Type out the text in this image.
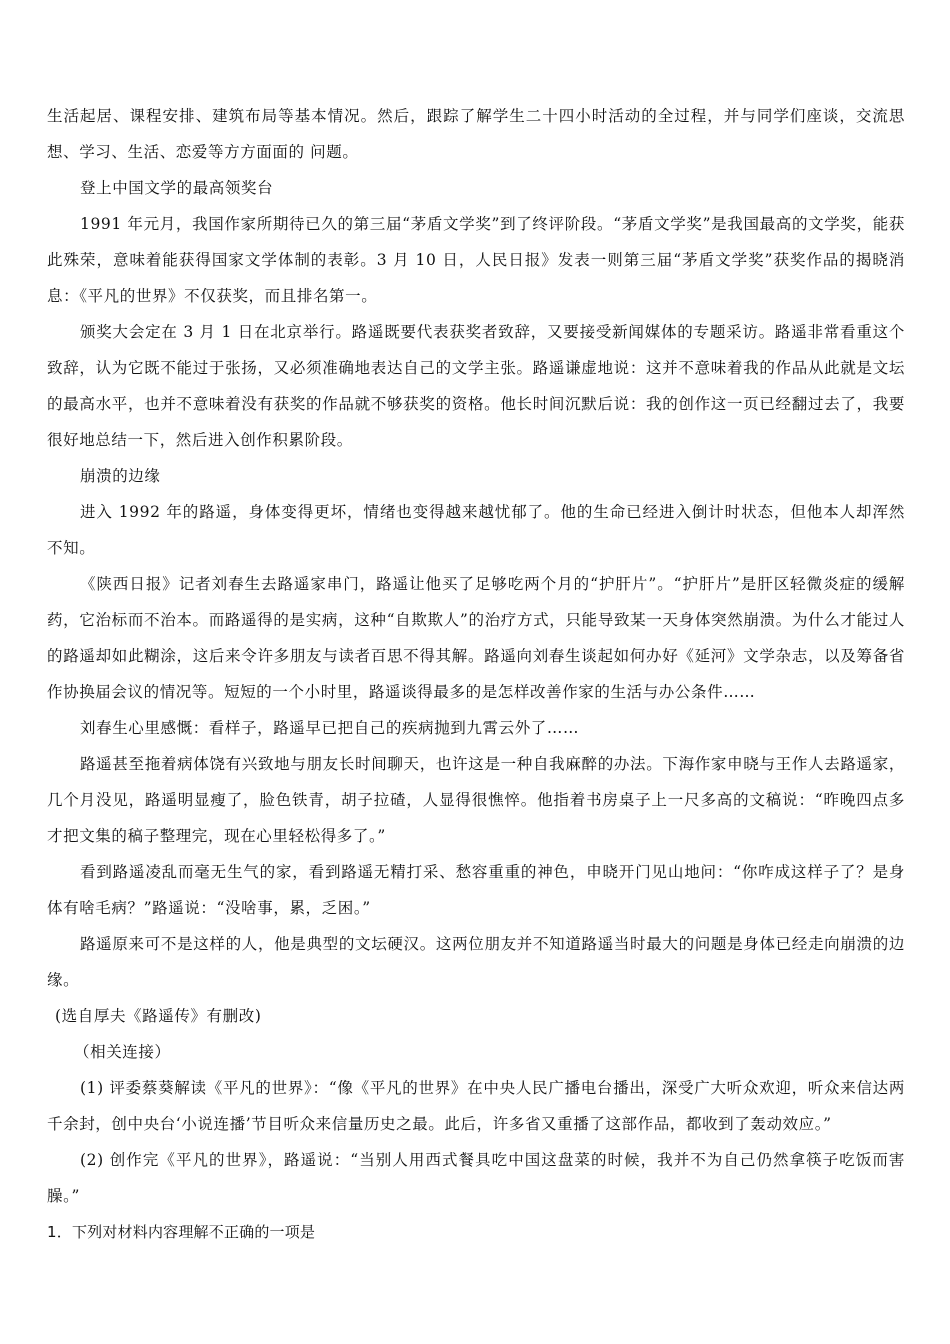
生活起居、课程安排、建筑布局等基本情况。然后，跟踪了解学生二十四小时活动的全过程，并与同学们座谈，交流思想、学习、生活、恋爱等方方面面的 问题。

登上中国文学的最高领奖台

1991 年元月，我国作家所期待已久的第三届“茅盾文学奖”到了终评阶段。“茅盾文学奖”是我国最高的文学奖，能获此殊荣，意味着能获得国家文学体制的表彰。3 月 10 日，人民日报》发表一则第三届“茅盾文学奖”获奖作品的揭晓消息：《平凡的世界》不仅获奖，而且排名第一。

颁奖大会定在 3 月 1 日在北京举行。路遥既要代表获奖者致辞，又要接受新闻媒体的专题采访。路遥非常看重这个致辞，认为它既不能过于张扬，又必须准确地表达自己的文学主张。路遥谦虚地说：这并不意味着我的作品从此就是文坛的最高水平，也并不意味着没有获奖的作品就不够获奖的资格。他长时间沉默后说：我的创作这一页已经翻过去了，我要很好地总结一下，然后进入创作积累阶段。

崩溃的边缘

进入 1992 年的路遥，身体变得更坏，情绪也变得越来越忧郁了。他的生命已经进入倒计时状态，但他本人却浑然不知。

《陕西日报》记者刘春生去路遥家串门，路遥让他买了足够吃两个月的“护肝片”。“护肝片”是肝区轻微炎症的缓解药，它治标而不治本。而路遥得的是实病，这种“自欺欺人”的治疗方式，只能导致某一天身体突然崩溃。为什么才能过人的路遥却如此糊涂，这后来令许多朋友与读者百思不得其解。路遥向刘春生谈起如何办好《延河》文学杂志，以及筹备省作协换届会议的情况等。短短的一个小时里，路遥谈得最多的是怎样改善作家的生活与办公条件……

刘春生心里感慨：看样子，路遥早已把自己的疾病抛到九霄云外了……

路遥甚至拖着病体饶有兴致地与朋友长时间聊天，也许这是一种自我麻醉的办法。下海作家申晓与王作人去路遥家，几个月没见，路遥明显瘦了，脸色铁青，胡子拉碴，人显得很憔悴。他指着书房桌子上一尺多高的文稿说：“昨晚四点多才把文集的稿子整理完，现在心里轻松得多了。”

看到路遥凌乱而毫无生气的家，看到路遥无精打采、愁容重重的神色，申晓开门见山地问：“你咋成这样子了？是身体有啥毛病？”路遥说：“没啥事，累，乏困。”

路遥原来可不是这样的人，他是典型的文坛硬汉。这两位朋友并不知道路遥当时最大的问题是身体已经走向崩溃的边缘。

(选自厚夫《路遥传》有删改)

（相关连接）

(1) 评委蔡葵解读《平凡的世界》：“像《平凡的世界》在中央人民广播电台播出，深受广大听众欢迎，听众来信达两千余封，创中央台‘小说连播’节目听众来信量历史之最。此后，许多省又重播了这部作品，都收到了轰动效应。”

(2) 创作完《平凡的世界》，路遥说：“当别人用西式餐具吃中国这盘菜的时候，我并不为自己仍然拿筷子吃饭而害臊。”

1．下列对材料内容理解不正确的一项是
